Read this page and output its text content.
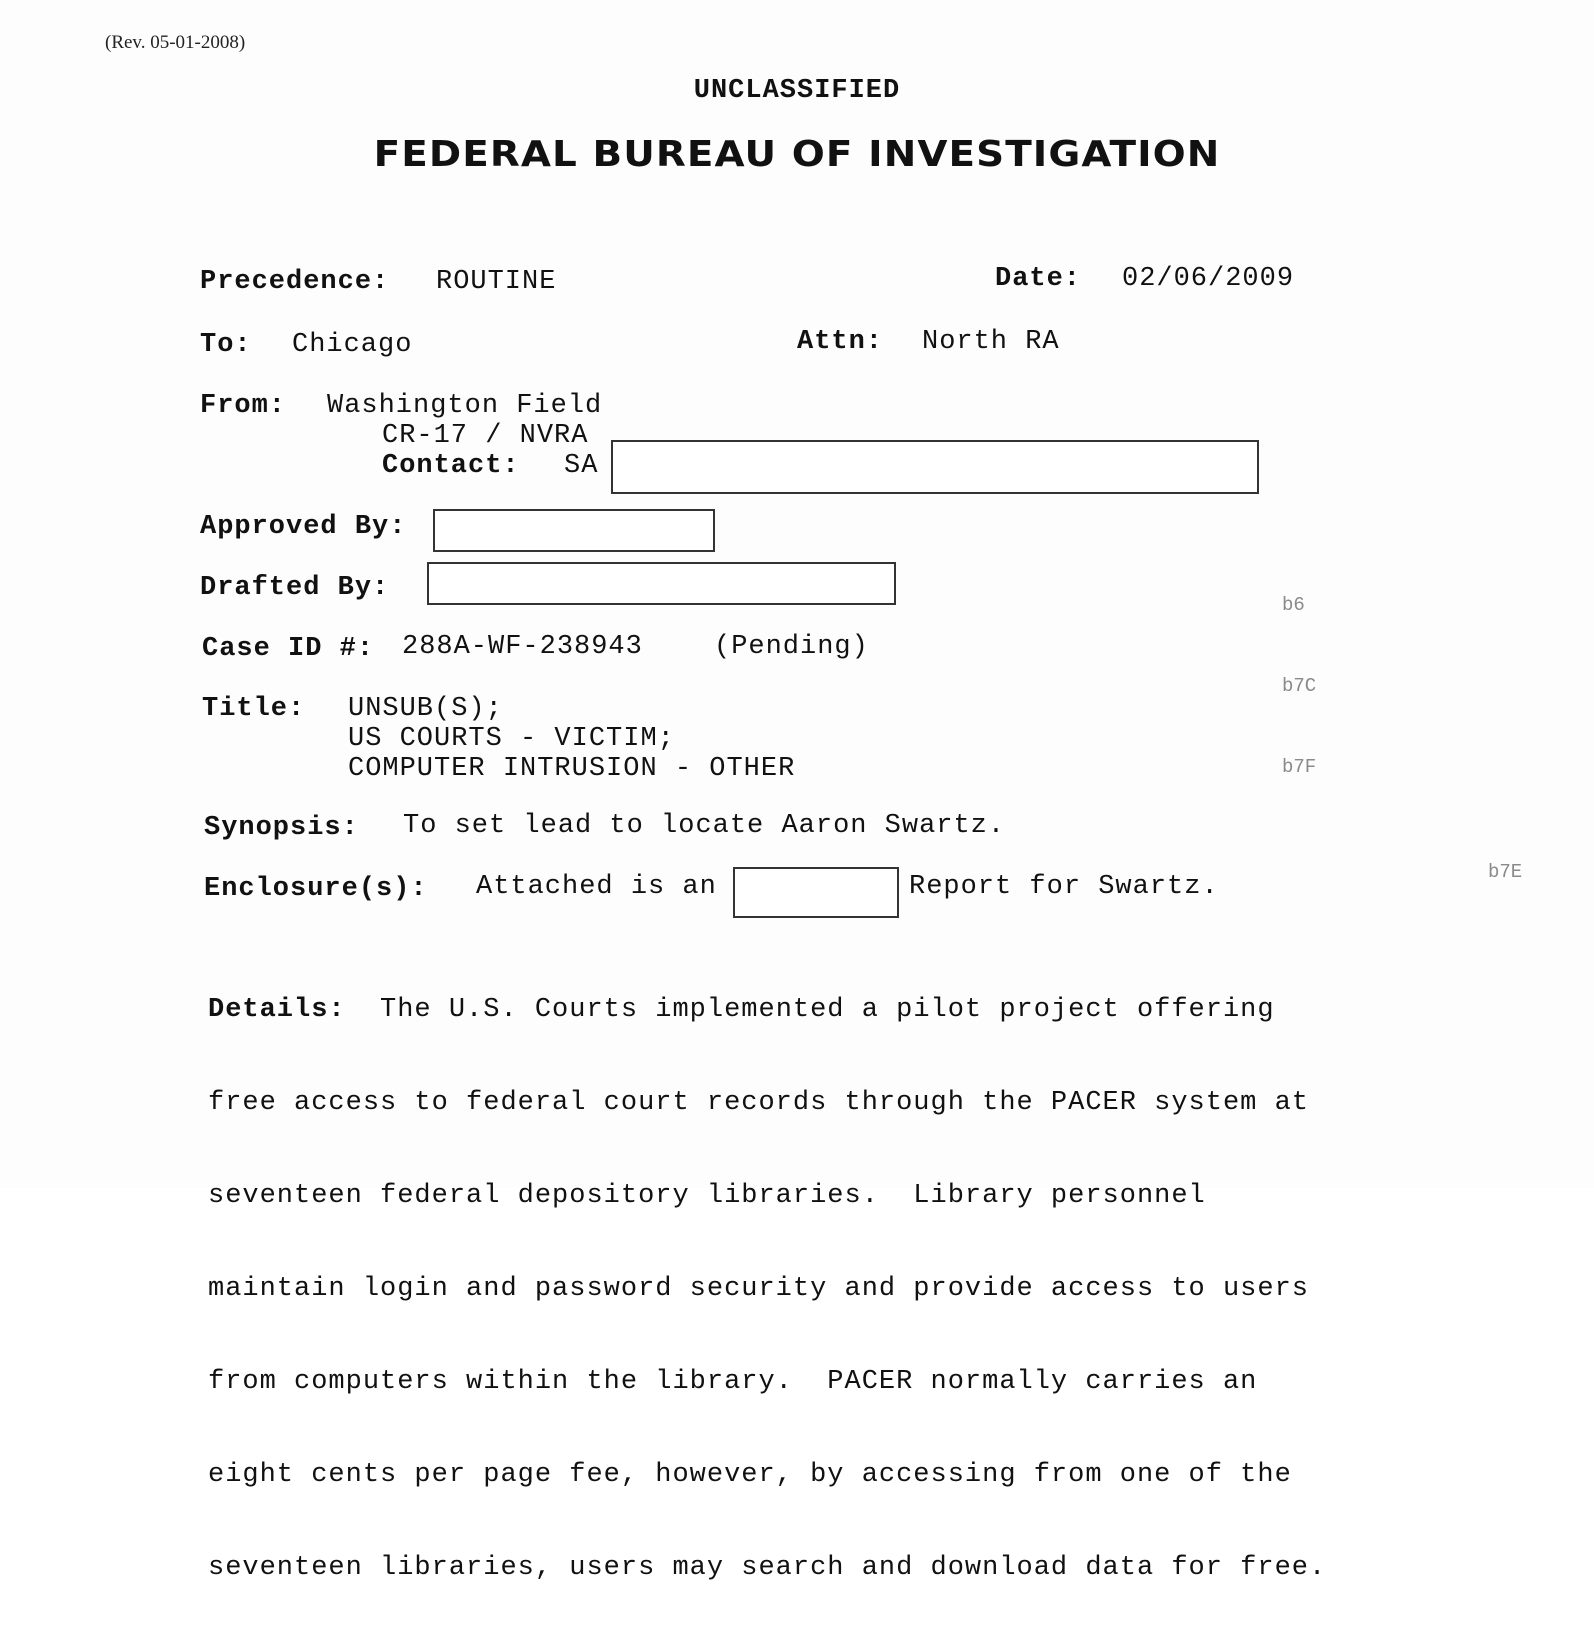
(Rev. 05-01-2008)
UNCLASSIFIED
FEDERAL BUREAU OF INVESTIGATION
Precedence: ROUTINE	Date: 02/06/2009
To: Chicago	Attn: North RA
From: Washington Field
CR-17 / NVRA
Contact: SA
Approved By:
Drafted By:

b6

b7C

b7F

Case ID #: 288A-WF-238943	(Pending)
Title: UNSUB(S);
US COURTS - VICTIM;
COMPUTER INTRUSION - OTHER
Synopsis: To set lead to locate Aaron Swartz.
Enclosure(s): Attached is an	Report for Swartz.	b7E

Details: The U.S. Courts implemented a pilot project offering

free access to federal court records through the PACER system at

seventeen federal depository libraries.  Library personnel

maintain login and password security and provide access to users

from computers within the library.  PACER normally carries an

eight cents per page fee, however, by accessing from one of the

seventeen libraries, users may search and download data for free.
